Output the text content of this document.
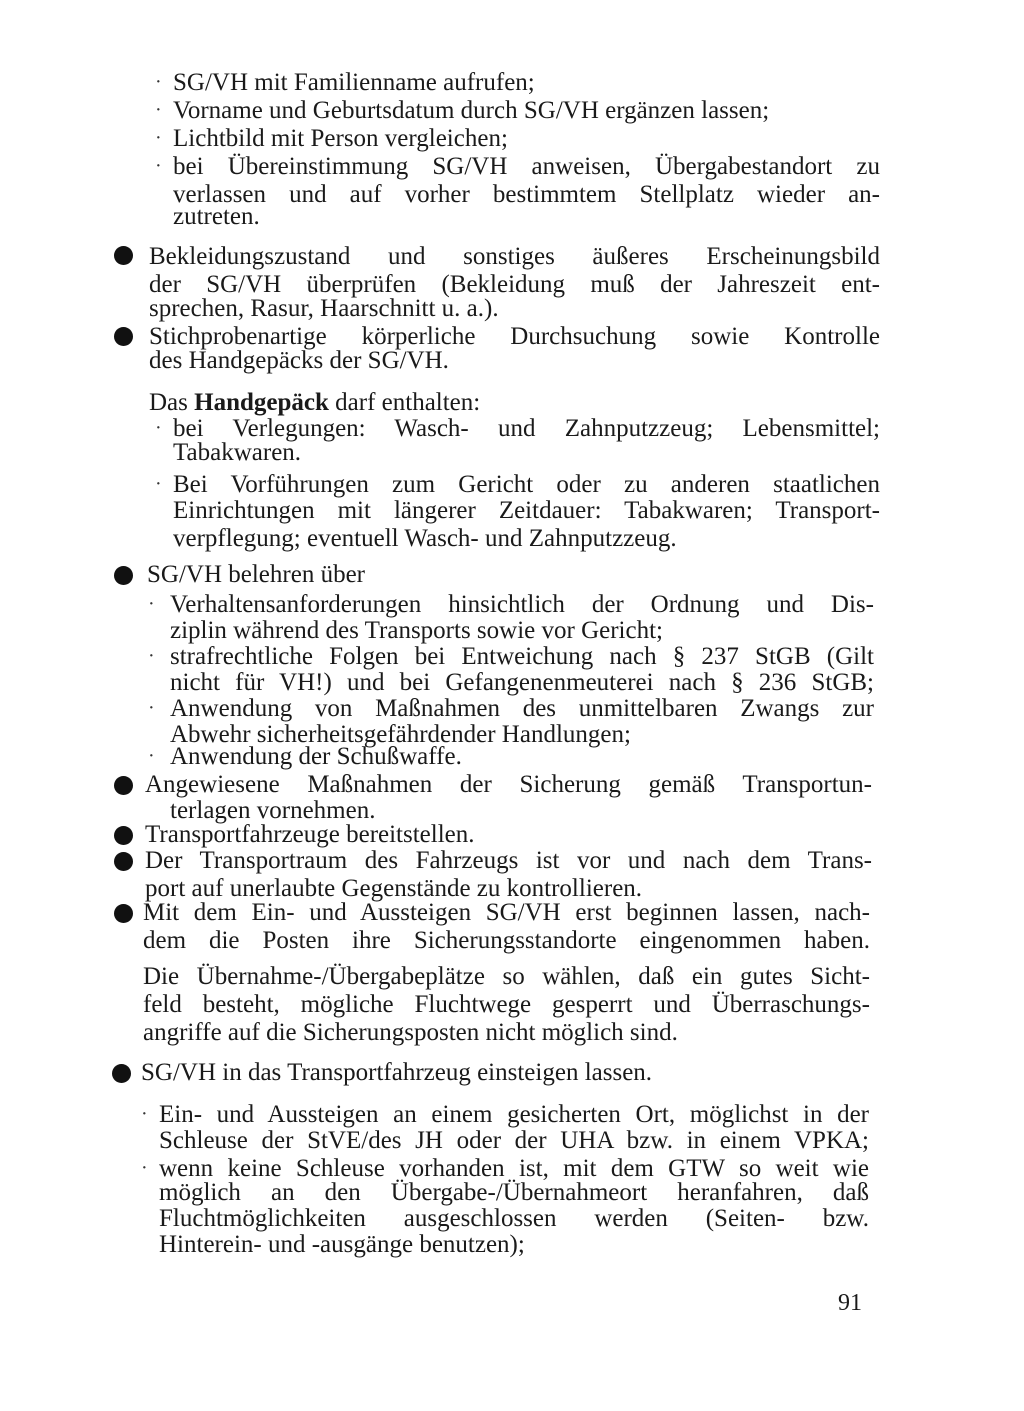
· SG/VH mit Familienname aufrufen;
· Vorname und Geburtsdatum durch SG/VH ergänzen lassen;
· Lichtbild mit Person vergleichen;
· bei Übereinstimmung SG/VH anweisen, Übergabestandort zu
verlassen und auf vorher bestimmtem Stellplatz wieder an-
zutreten.
Bekleidungszustand und sonstiges äußeres Erscheinungsbild
der SG/VH überprüfen (Bekleidung muß der Jahreszeit ent-
sprechen, Rasur, Haarschnitt u. a.).
Stichprobenartige körperliche Durchsuchung sowie Kontrolle
des Handgepäcks der SG/VH.
Das Handgepäck darf enthalten:
· bei Verlegungen: Wasch- und Zahnputzzeug; Lebensmittel;
Tabakwaren.
· Bei Vorführungen zum Gericht oder zu anderen staatlichen
Einrichtungen mit längerer Zeitdauer: Tabakwaren; Transport-
verpflegung; eventuell Wasch- und Zahnputzzeug.
SG/VH belehren über
· Verhaltensanforderungen hinsichtlich der Ordnung und Dis-
ziplin während des Transports sowie vor Gericht;
· strafrechtliche Folgen bei Entweichung nach § 237 StGB (Gilt
nicht für VH!) und bei Gefangenenmeuterei nach § 236 StGB;
· Anwendung von Maßnahmen des unmittelbaren Zwangs zur
Abwehr sicherheitsgefährdender Handlungen;
· Anwendung der Schußwaffe.
Angewiesene Maßnahmen der Sicherung gemäß Transportun-
terlagen vornehmen.
Transportfahrzeuge bereitstellen.
Der Transportraum des Fahrzeugs ist vor und nach dem Trans-
port auf unerlaubte Gegenstände zu kontrollieren.
Mit dem Ein- und Aussteigen SG/VH erst beginnen lassen, nach-
dem die Posten ihre Sicherungsstandorte eingenommen haben.
Die Übernahme-/Übergabeplätze so wählen, daß ein gutes Sicht-
feld besteht, mögliche Fluchtwege gesperrt und Überraschungs-
angriffe auf die Sicherungsposten nicht möglich sind.
SG/VH in das Transportfahrzeug einsteigen lassen.
· Ein- und Aussteigen an einem gesicherten Ort, möglichst in der
Schleuse der StVE/des JH oder der UHA bzw. in einem VPKA;
· wenn keine Schleuse vorhanden ist, mit dem GTW so weit wie
möglich an den Übergabe-/Übernahmeort heranfahren, daß
Fluchtmöglichkeiten ausgeschlossen werden (Seiten- bzw.
Hinterein- und -ausgänge benutzen);
91
